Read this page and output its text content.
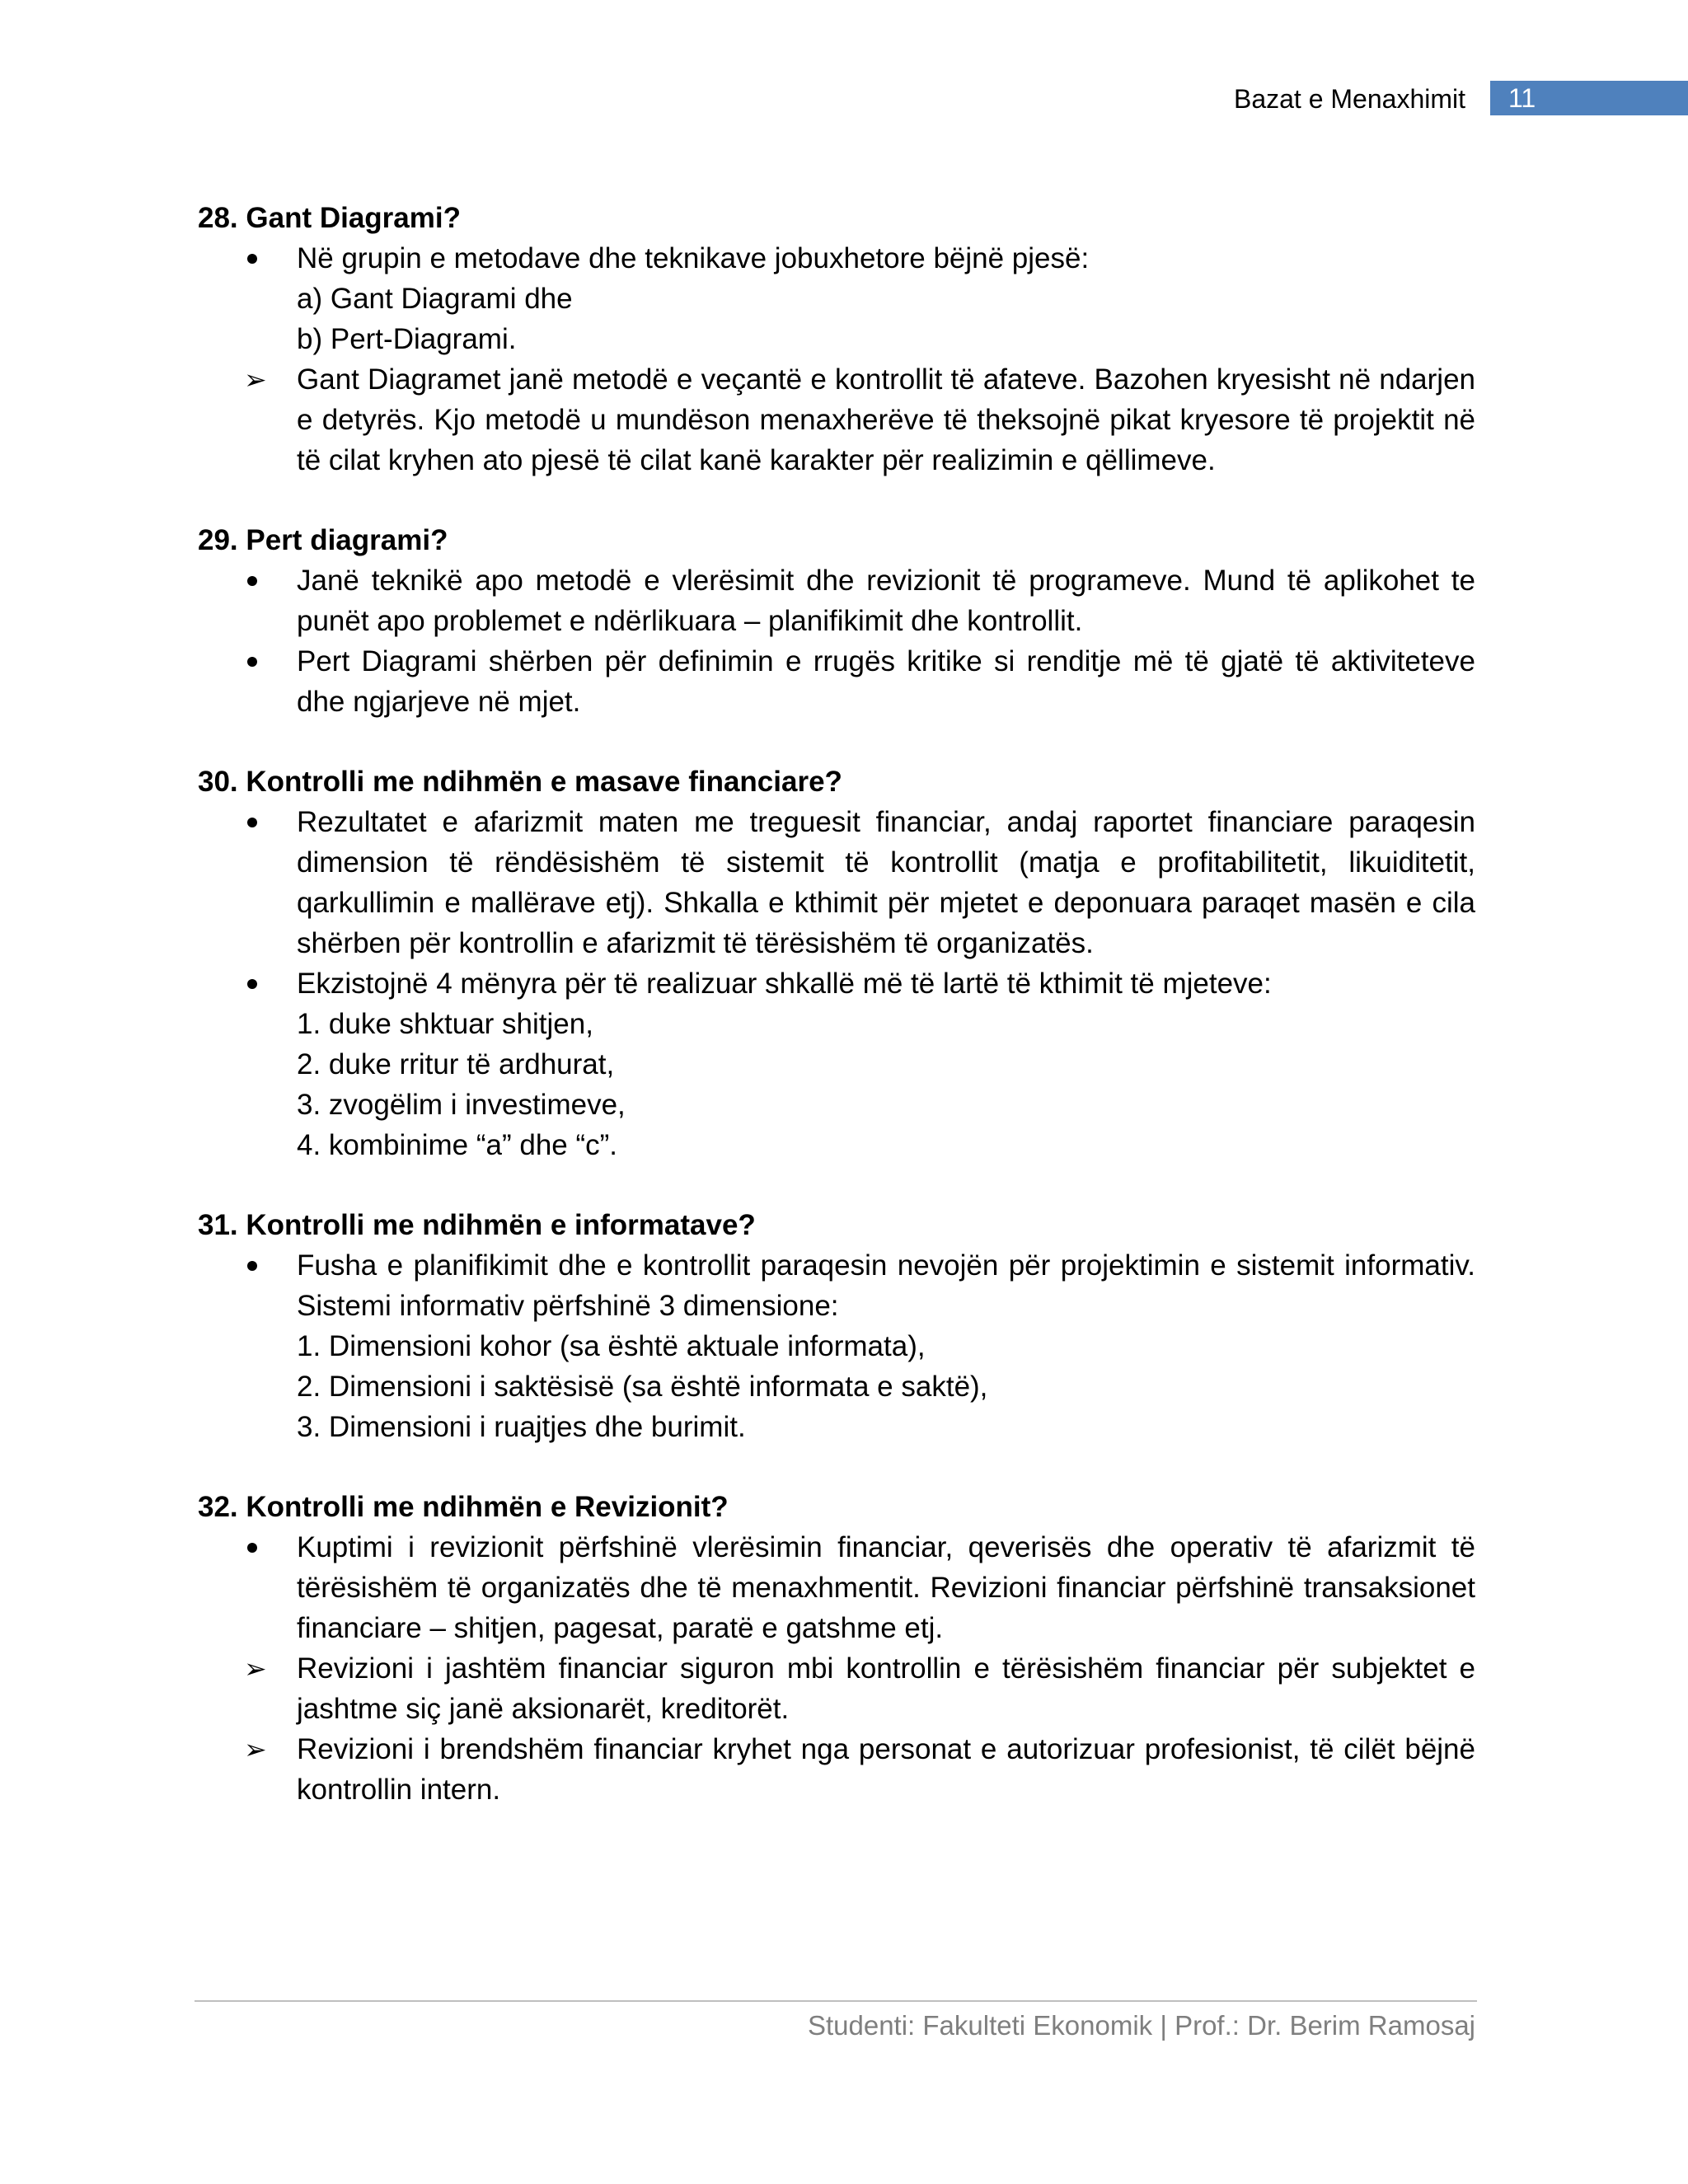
Bazat e Menaxhimit 11

28. Gant Diagrami?

Në grupin e metodave dhe teknikave jobuxhetore bëjnë pjesë:
a) Gant Diagrami dhe
b) Pert-Diagrami.
➢ Gant Diagramet janë metodë e veçantë e kontrollit të afateve. Bazohen kryesisht në ndarjen e detyrës. Kjo metodë u mundëson menaxherëve të theksojnë pikat kryesore të projektit në të cilat kryhen ato pjesë të cilat kanë karakter për realizimin e qëllimeve.

29. Pert diagrami?

Janë teknikë apo metodë e vlerësimit dhe revizionit të programeve. Mund të aplikohet te punët apo problemet e ndërlikuara – planifikimit dhe kontrollit.
Pert Diagrami shërben për definimin e rrugës kritike si renditje më të gjatë të aktiviteteve dhe ngjarjeve në mjet.

30. Kontrolli me ndihmën e masave financiare?

Rezultatet e afarizmit maten me treguesit financiar, andaj raportet financiare paraqesin dimension të rëndësishëm të sistemit të kontrollit (matja e profitabilitetit, likuiditetit, qarkullimin e mallërave etj). Shkalla e kthimit për mjetet e deponuara paraqet masën e cila shërben për kontrollin e afarizmit të tërësishëm të organizatës.
Ekzistojnë 4 mënyra për të realizuar shkallë më të lartë të kthimit të mjeteve:
1. duke shktuar shitjen,
2. duke rritur të ardhurat,
3. zvogëlim i investimeve,
4. kombinime “a” dhe “c”.

31. Kontrolli me ndihmën e informatave?

Fusha e planifikimit dhe e kontrollit paraqesin nevojën për projektimin e sistemit informativ. Sistemi informativ përfshinë 3 dimensione:
1. Dimensioni kohor (sa është aktuale informata),
2. Dimensioni i saktësisë (sa është informata e saktë),
3. Dimensioni i ruajtjes dhe burimit.

32. Kontrolli me ndihmën e Revizionit?

Kuptimi i revizionit përfshinë vlerësimin financiar, qeverisës dhe operativ të afarizmit të tërësishëm të organizatës dhe të menaxhmentit. Revizioni financiar përfshinë transaksionet financiare – shitjen, pagesat, paratë e gatshme etj.
➢ Revizioni i jashtëm financiar siguron mbi kontrollin e tërësishëm financiar për subjektet e jashtme siç janë aksionarët, kreditorët.
➢ Revizioni i brendshëm financiar kryhet nga personat e autorizuar profesionist, të cilët bëjnë kontrollin intern.
Studenti: Fakulteti Ekonomik | Prof.: Dr. Berim Ramosaj
